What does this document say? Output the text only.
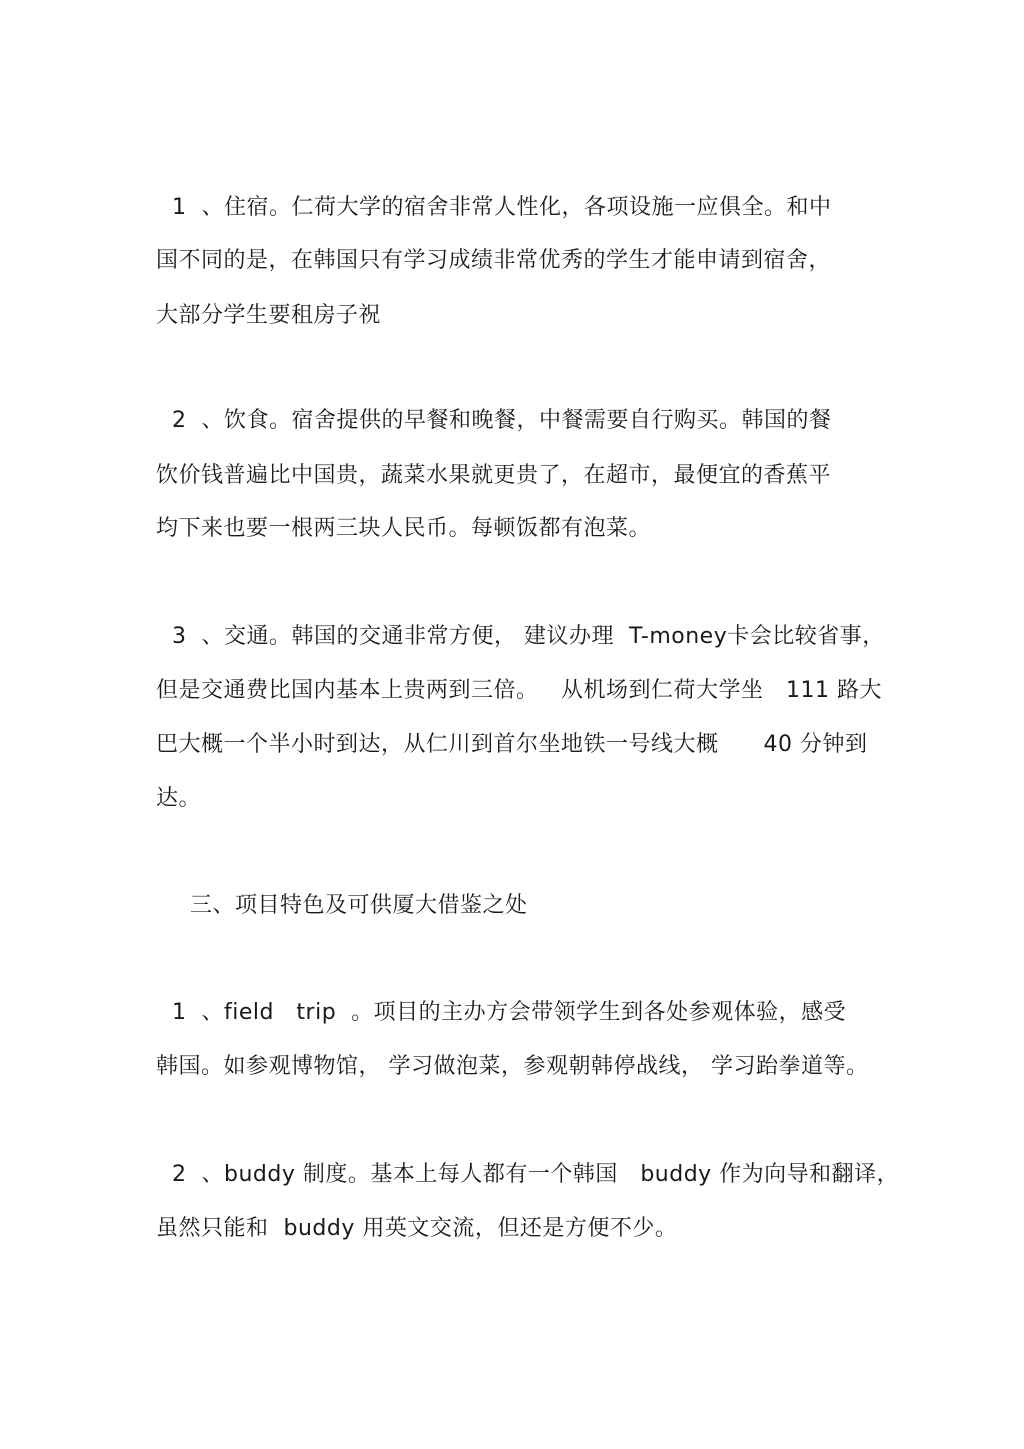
1  、住宿。仁荷大学的宿舍非常人性化，各项设施一应俱全。和中
国不同的是，在韩国只有学习成绩非常优秀的学生才能申请到宿舍，
大部分学生要租房子祝
2  、饮食。宿舍提供的早餐和晚餐，中餐需要自行购买。韩国的餐
饮价钱普遍比中国贵，蔬菜水果就更贵了，在超市，最便宜的香蕉平
均下来也要一根两三块人民币。每顿饭都有泡菜。
3  、交通。韩国的交通非常方便， 建议办理  T-money卡会比较省事，
但是交通费比国内基本上贵两到三倍。   从机场到仁荷大学坐   111 路大
巴大概一个半小时到达，从仁川到首尔坐地铁一号线大概      40 分钟到
达。
三、项目特色及可供厦大借鉴之处
1  、field   trip  。项目的主办方会带领学生到各处参观体验，感受
韩国。如参观博物馆， 学习做泡菜，参观朝韩停战线， 学习跆拳道等。
2  、buddy 制度。基本上每人都有一个韩国   buddy 作为向导和翻译，
虽然只能和  buddy 用英文交流，但还是方便不少。
